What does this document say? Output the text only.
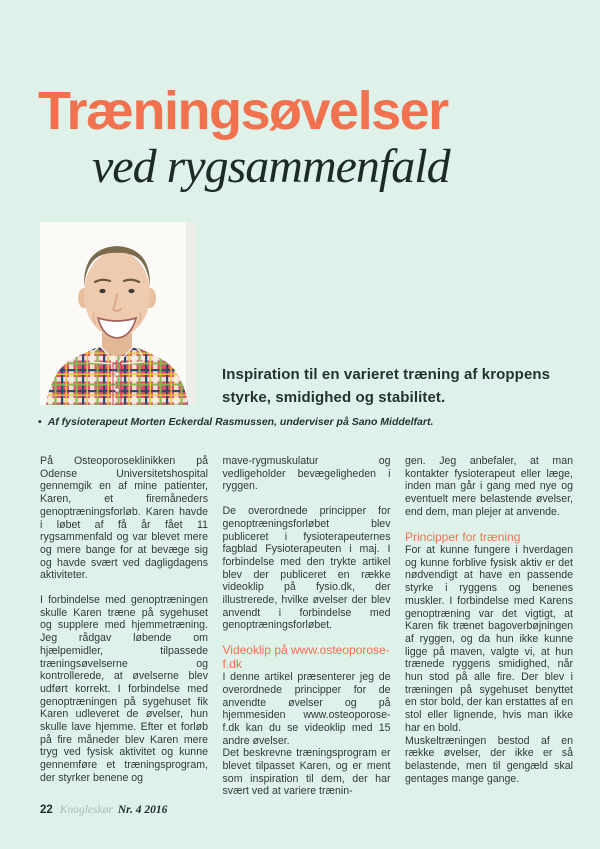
Træningsøvelser
ved rygsammenfald

Inspiration til en varieret træning af kroppens styrke, smidighed og stabilitet.

• Af fysioterapeut Morten Eckerdal Rasmussen, underviser på Sano Middelfart.

På Osteoporoseklinikken på Odense Universitetshospital gennemgik en af mine patienter, Karen, et firemåneders genoptræningsforløb. Karen havde i løbet af få år fået 11 rygsammenfald og var blevet mere og mere bange for at bevæge sig og havde svært ved dagligdagens aktiviteter.

I forbindelse med genoptræningen skulle Karen træne på sygehuset og supplere med hjemmetræning. Jeg rådgav løbende om hjælpemidler, tilpassede træningsøvelserne og kontrollerede, at øvelserne blev udført korrekt. I forbindelse med genoptræningen på sygehuset fik Karen udleveret de øvelser, hun skulle lave hjemme. Efter et forløb på fire måneder blev Karen mere tryg ved fysisk aktivitet og kunne gennemføre et træningsprogram, der styrker benene og

mave-rygmuskulatur og vedligeholder bevægeligheden i ryggen.

De overordnede principper for genoptræningsforløbet blev publiceret i fysioterapeuternes fagblad Fysioterapeuten i maj. I forbindelse med den trykte artikel blev der publiceret en række videoklip på fysio.dk, der illustrerede, hvilke øvelser der blev anvendt i forbindelse med genoptræningsforløbet.

Videoklip på www.osteoporose-f.dk

I denne artikel præsenterer jeg de overordnede principper for de anvendte øvelser og på hjemmesiden www.osteoporose-f.dk kan du se videoklip med 15 andre øvelser.

Det beskrevne træningsprogram er blevet tilpasset Karen, og er ment som inspiration til dem, der har svært ved at variere trænin-

gen. Jeg anbefaler, at man kontakter fysioterapeut eller læge, inden man går i gang med nye og eventuelt mere belastende øvelser, end dem, man plejer at anvende.

Principper for træning

For at kunne fungere i hverdagen og kunne forblive fysisk aktiv er det nødvendigt at have en passende styrke i ryggens og benenes muskler. I forbindelse med Karens genoptræning var det vigtigt, at Karen fik trænet bagoverbøjningen af ryggen, og da hun ikke kunne ligge på maven, valgte vi, at hun trænede ryggens smidighed, når hun stod på alle fire. Der blev i træningen på sygehuset benyttet en stor bold, der kan erstattes af en stol eller lignende, hvis man ikke har en bold.

Muskeltræningen bestod af en række øvelser, der ikke er så belastende, men til gengæld skal gentages mange gange.

22 Knogleskør Nr. 4 2016
